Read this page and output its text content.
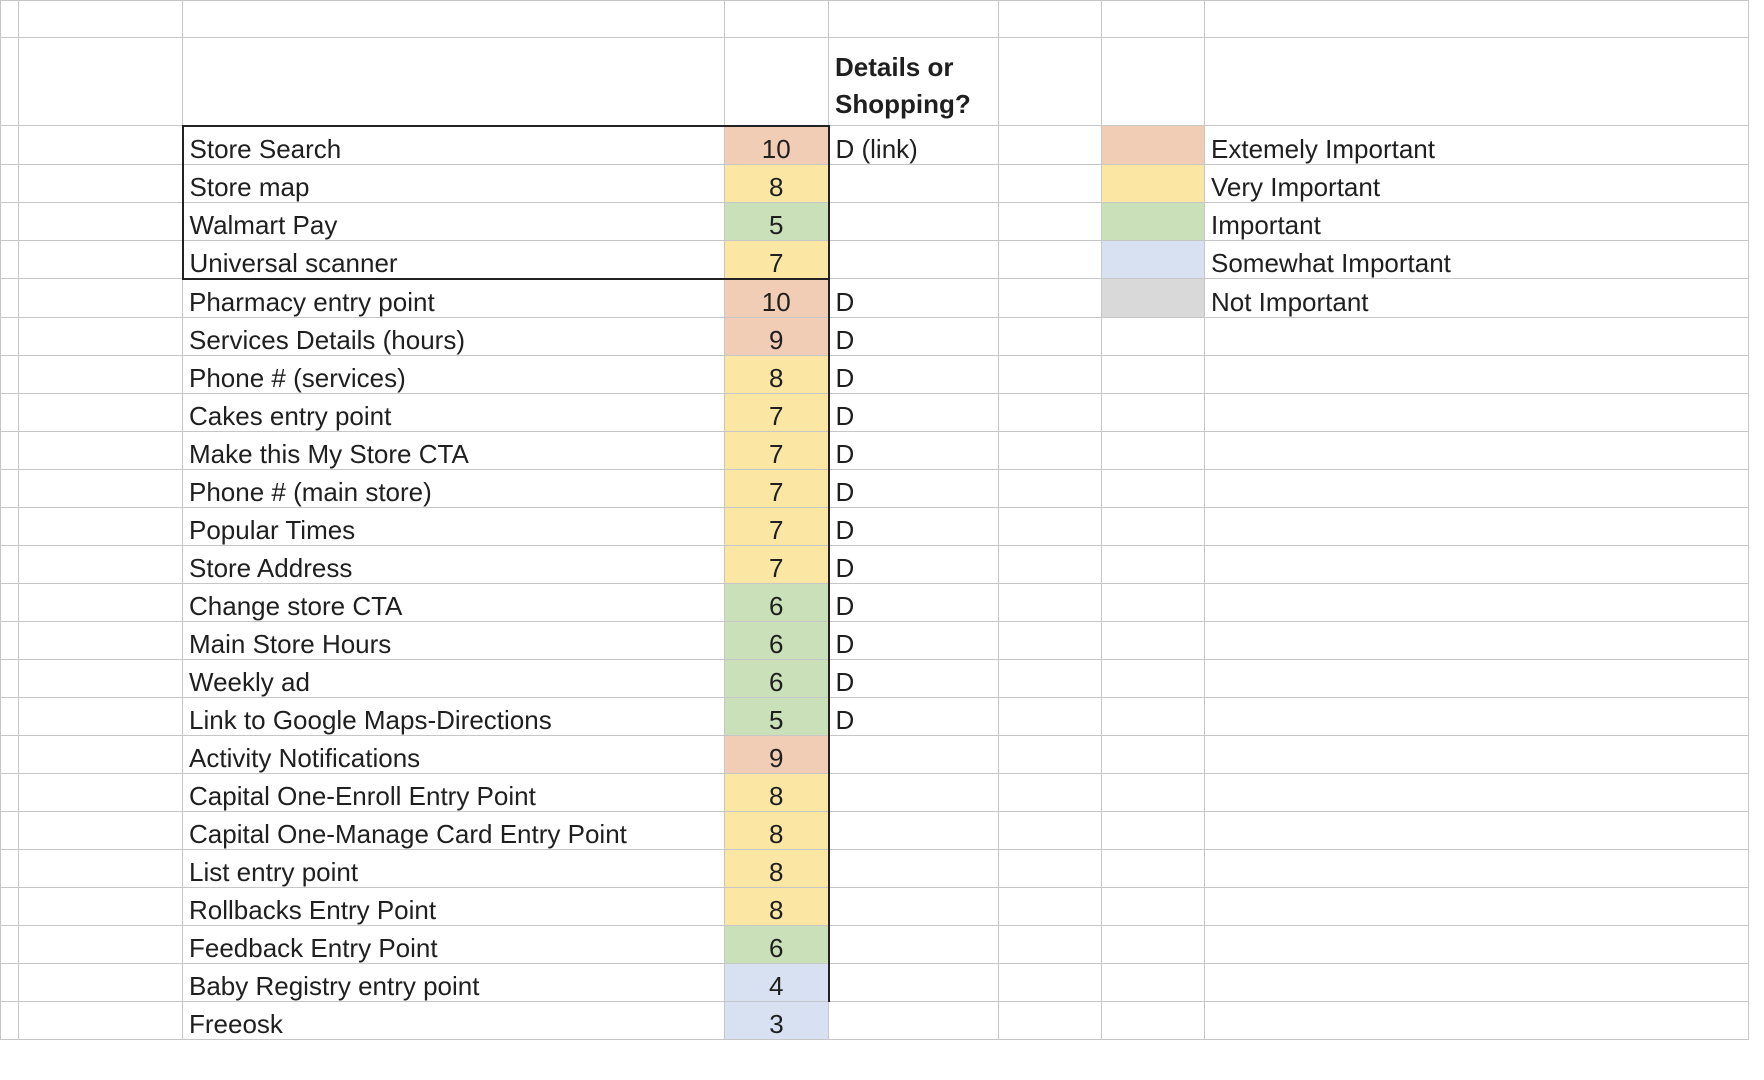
				Details or Shopping?			
		Store Search	10	D (link)			Extemely Important
		Store map	8				Very Important
		Walmart Pay	5				Important
		Universal scanner	7				Somewhat Important
		Pharmacy entry point	10	D			Not Important
		Services Details (hours)	9	D			
		Phone # (services)	8	D			
		Cakes entry point	7	D			
		Make this My Store CTA	7	D			
		Phone # (main store)	7	D			
		Popular Times	7	D			
		Store Address	7	D			
		Change store CTA	6	D			
		Main Store Hours	6	D			
		Weekly ad	6	D			
		Link to Google Maps-Directions	5	D			
		Activity Notifications	9				
		Capital One-Enroll Entry Point	8				
		Capital One-Manage Card Entry Point	8				
		List entry point	8				
		Rollbacks Entry Point	8				
		Feedback Entry Point	6				
		Baby Registry entry point	4				
		Freeosk	3				
